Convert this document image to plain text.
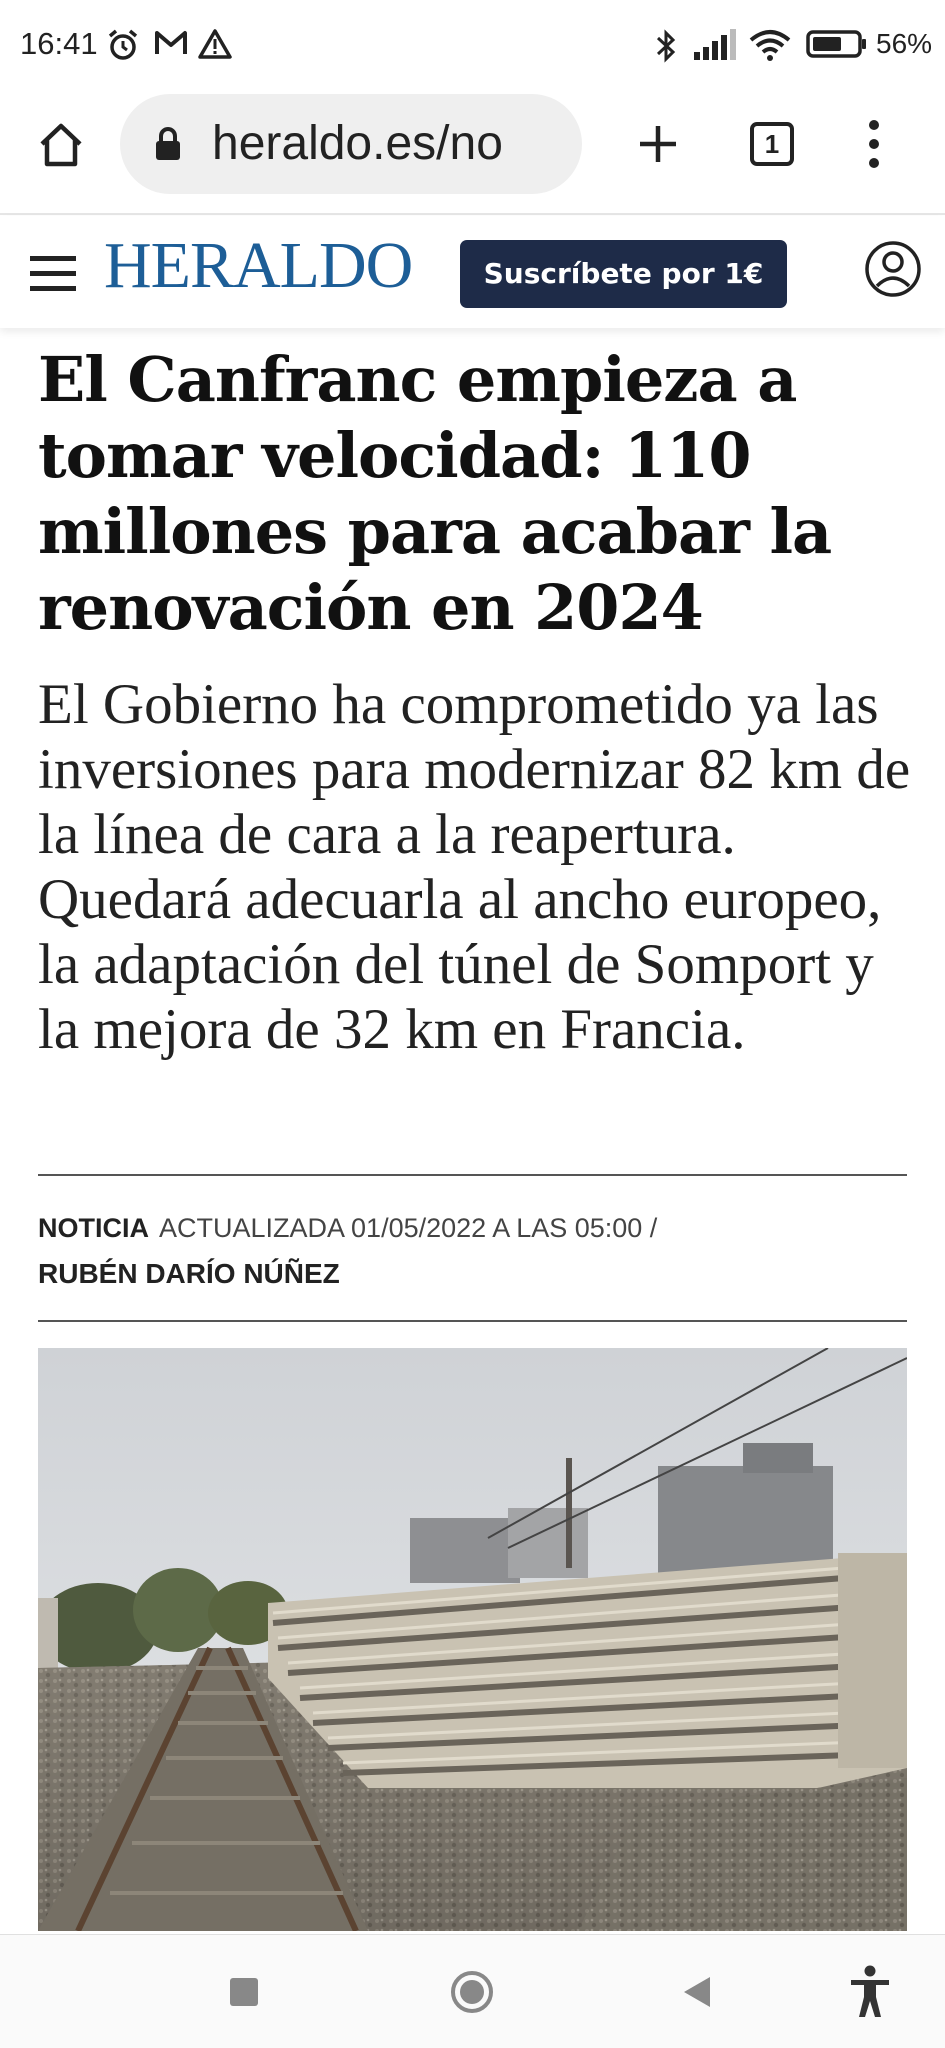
16:41	56%
heraldo.es/no	1
HERALDO	Suscríbete por 1€
El Canfranc empieza a tomar velocidad: 110 millones para acabar la renovación en 2024

El Gobierno ha comprometido ya las inversiones para modernizar 82 km de la línea de cara a la reapertura. Quedará adecuarla al ancho europeo, la adaptación del túnel de Somport y la mejora de 32 km en Francia.

NOTICIA ACTUALIZADA 01/05/2022 A LAS 05:00 /
RUBÉN DARÍO NÚÑEZ
